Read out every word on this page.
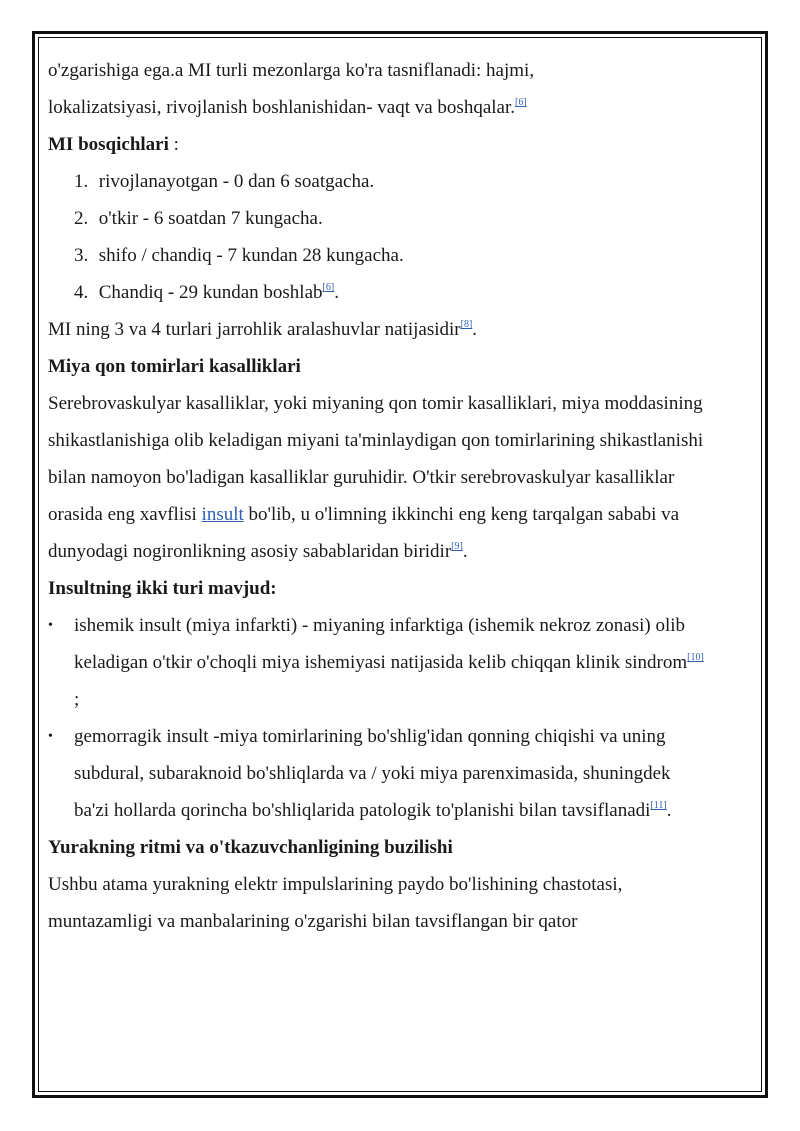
o'zgarishiga ega.a MI turli mezonlarga ko'ra tasniflanadi: hajmi,
lokalizatsiyasi, rivojlanish boshlanishidan- vaqt va boshqalar.[6]

MI bosqichlari :

1. rivojlanayotgan - 0 dan 6 soatgacha.
2. o'tkir - 6 soatdan 7 kungacha.
3. shifo / chandiq - 7 kundan 28 kungacha.
4. Chandiq - 29 kundan boshlab[6].

MI ning 3 va 4 turlari jarrohlik aralashuvlar natijasidir[8].

Miya qon tomirlari kasalliklari

Serebrovaskulyar kasalliklar, yoki miyaning qon tomir kasalliklari, miya moddasining shikastlanishiga olib keladigan miyani ta'minlaydigan qon tomirlarining shikastlanishi bilan namoyon bo'ladigan kasalliklar guruhidir. O'tkir serebrovaskulyar kasalliklar orasida eng xavflisi insult bo'lib, u o'limning ikkinchi eng keng tarqalgan sababi va dunyodagi nogironlikning asosiy sabablaridan biridir[9].

Insultning ikki turi mavjud:

• ishemik insult (miya infarkti) - miyaning infarktiga (ishemik nekroz zonasi) olib keladigan o'tkir o'choqli miya ishemiyasi natijasida kelib chiqqan klinik sindrom[10] ;
• gemorragik insult -miya tomirlarining bo'shlig'idan qonning chiqishi va uning subdural, subaraknoid bo'shliqlarda va / yoki miya parenximasida, shuningdek ba'zi hollarda qorincha bo'shliqlarida patologik to'planishi bilan tavsiflanadi[11].

Yurakning ritmi va o'tkazuvchanligining buzilishi

Ushbu atama yurakning elektr impulslarining paydo bo'lishining chastotasi, muntazamligi va manbalarining o'zgarishi bilan tavsiflangan bir qator
